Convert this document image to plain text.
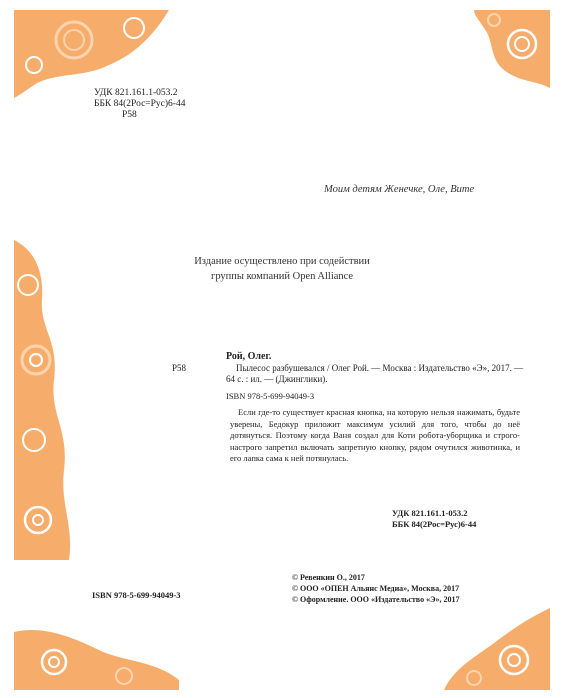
УДК 821.161.1-053.2
ББК 84(2Рос=Рус)6-44
Р58
Моим детям Женечке, Оле, Вите
Издание осуществлено при содействии
группы компаний Open Alliance
Рой, Олег.
Р58	Пылесос разбушевался / Олег Рой. — Москва : Издательство «Э», 2017. — 64 с. : ил. — (Джинглики).
ISBN 978-5-699-94049-3
Если где-то существует красная кнопка, на которую нельзя нажимать, будьте уверены, Бедокур приложит максимум усилий для того, чтобы до неё дотянуться. Поэтому когда Ваня создал для Коти робота-уборщика и строго-настрого запретил включать запретную кнопку, рядом очутился животинка, и его лапка сама к ней потянулась.
УДК 821.161.1-053.2
ББК 84(2Рос=Рус)6-44
ISBN 978-5-699-94049-3
© Ревенкин О., 2017
© ООО «ОПЕН Альянс Медиа», Москва, 2017
© Оформление. ООО «Издательство «Э», 2017
